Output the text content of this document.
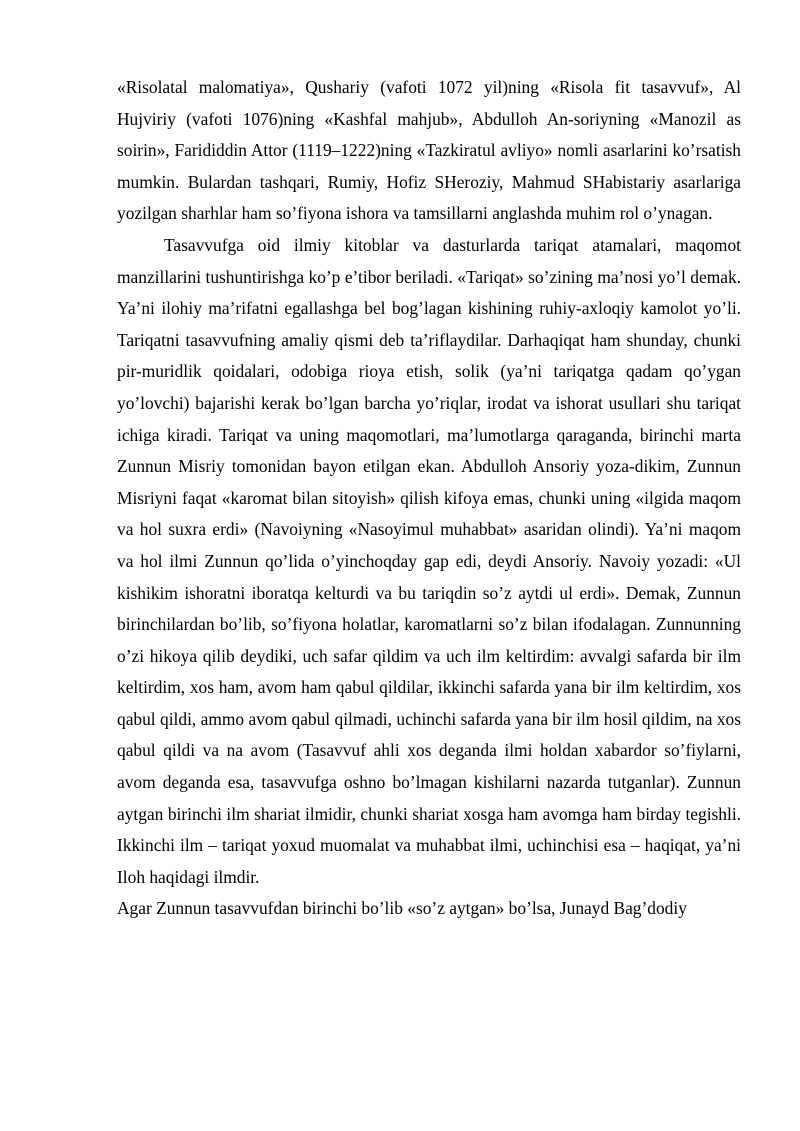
«Risolatal malomatiya», Qushariy (vafoti 1072 yil)ning «Risola fit tasavvuf», Al Hujviriy (vafoti 1076)ning «Kashfal mahjub», Abdulloh An-soriyning «Manozil as soirin», Farididdin Attor (1119–1222)ning «Tazkiratul avliyo» nomli asarlarini ko’rsatish mumkin. Bulardan tashqari, Rumiy, Hofiz SHeroziy, Mahmud SHabistariy asarlariga yozilgan sharhlar ham so’fiyona ishora va tamsillarni anglashda muhim rol o’ynagan.

Tasavvufga oid ilmiy kitoblar va dasturlarda tariqat atamalari, maqomot manzillarini tushuntirishga ko’p e’tibor beriladi. «Tariqat» so’zining ma’nosi yo’l demak. Ya’ni ilohiy ma’rifatni egallashga bel bog’lagan kishining ruhiy-axloqiy kamolot yo’li. Tariqatni tasavvufning amaliy qismi deb ta’riflaydilar. Darhaqiqat ham shunday, chunki pir-muridlik qoidalari, odobiga rioya etish, solik (ya’ni tariqatga qadam qo’ygan yo’lovchi) bajarishi kerak bo’lgan barcha yo’riqlar, irodat va ishorat usullari shu tariqat ichiga kiradi. Tariqat va uning maqomotlari, ma’lumotlarga qaraganda, birinchi marta Zunnun Misriy tomonidan bayon etilgan ekan. Abdulloh Ansoriy yoza-dikim, Zunnun Misriyni faqat «karomat bilan sitoyish» qilish kifoya emas, chunki uning «ilgida maqom va hol suxra erdi» (Navoiyning «Nasoyimul muhabbat» asaridan olindi). Ya’ni maqom va hol ilmi Zunnun qo’lida o’yinchoqday gap edi, deydi Ansoriy. Navoiy yozadi: «Ul kishikim ishoratni iboratqa kelturdi va bu tariqdin so’z aytdi ul erdi». Demak, Zunnun birinchilardan bo’lib, so’fiyona holatlar, karomatlarni so’z bilan ifodalagan. Zunnunning o’zi hikoya qilib deydiki, uch safar qildim va uch ilm keltirdim: avvalgi safarda bir ilm keltirdim, xos ham, avom ham qabul qildilar, ikkinchi safarda yana bir ilm keltirdim, xos qabul qildi, ammo avom qabul qilmadi, uchinchi safarda yana bir ilm hosil qildim, na xos qabul qildi va na avom (Tasavvuf ahli xos deganda ilmi holdan xabardor so’fiylarni, avom deganda esa, tasavvufga oshno bo’lmagan kishilarni nazarda tutganlar). Zunnun aytgan birinchi ilm shariat ilmidir, chunki shariat xosga ham avomga ham birday tegishli. Ikkinchi ilm – tariqat yoxud muomalat va muhabbat ilmi, uchinchisi esa – haqiqat, ya’ni Iloh haqidagi ilmdir.

Agar Zunnun tasavvufdan birinchi bo’lib «so’z aytgan» bo’lsa, Junayd Bag’dodiy
